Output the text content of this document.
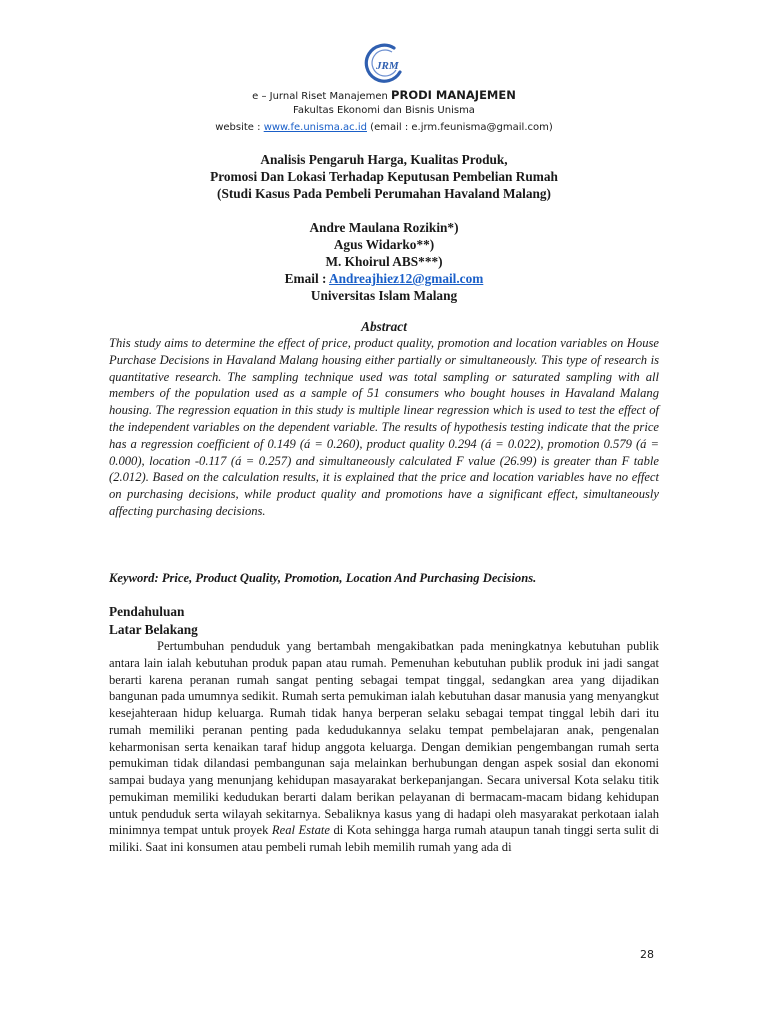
JRM
e – Jurnal Riset Manajemen PRODI MANAJEMEN
Fakultas Ekonomi dan Bisnis Unisma
website : www.fe.unisma.ac.id (email : e.jrm.feunisma@gmail.com)
Analisis Pengaruh Harga, Kualitas Produk,
Promosi Dan Lokasi Terhadap Keputusan Pembelian Rumah
(Studi Kasus Pada Pembeli Perumahan Havaland Malang)
Andre Maulana Rozikin*)
Agus Widarko**)
M. Khoirul ABS***)
Email : Andreajhiez12@gmail.com
Universitas Islam Malang
Abstract
This study aims to determine the effect of price, product quality, promotion and location variables on House Purchase Decisions in Havaland Malang housing either partially or simultaneously. This type of research is quantitative research. The sampling technique used was total sampling or saturated sampling with all members of the population used as a sample of 51 consumers who bought houses in Havaland Malang housing. The regression equation in this study is multiple linear regression which is used to test the effect of the independent variables on the dependent variable. The results of hypothesis testing indicate that the price has a regression coefficient of 0.149 (á = 0.260), product quality 0.294 (á = 0.022), promotion 0.579 (á = 0.000), location -0.117 (á = 0.257) and simultaneously calculated F value (26.99) is greater than F table (2.012). Based on the calculation results, it is explained that the price and location variables have no effect on purchasing decisions, while product quality and promotions have a significant effect, simultaneously affecting purchasing decisions.
Keyword: Price, Product Quality, Promotion, Location And Purchasing Decisions.
Pendahuluan
Latar Belakang
Pertumbuhan penduduk yang bertambah mengakibatkan pada meningkatnya kebutuhan publik antara lain ialah kebutuhan produk papan atau rumah. Pemenuhan kebutuhan publik produk ini jadi sangat berarti karena peranan rumah sangat penting sebagai tempat tinggal, sedangkan area yang dijadikan bangunan pada umumnya sedikit. Rumah serta pemukiman ialah kebutuhan dasar manusia yang menyangkut kesejahteraan hidup keluarga. Rumah tidak hanya berperan selaku sebagai tempat tinggal lebih dari itu rumah memiliki peranan penting pada kedudukannya selaku tempat pembelajaran anak, pengenalan keharmonisan serta kenaikan taraf hidup anggota keluarga. Dengan demikian pengembangan rumah serta pemukiman tidak dilandasi pembangunan saja melainkan berhubungan dengan aspek sosial dan ekonomi sampai budaya yang menunjang kehidupan masayarakat berkepanjangan. Secara universal Kota selaku titik pemukiman memiliki kedudukan berarti dalam berikan pelayanan di bermacam-macam bidang kehidupan untuk penduduk serta wilayah sekitarnya. Sebaliknya kasus yang di hadapi oleh masyarakat perkotaan ialah minimnya tempat untuk proyek Real Estate di Kota sehingga harga rumah ataupun tanah tinggi serta sulit di miliki. Saat ini konsumen atau pembeli rumah lebih memilih rumah yang ada di
28
